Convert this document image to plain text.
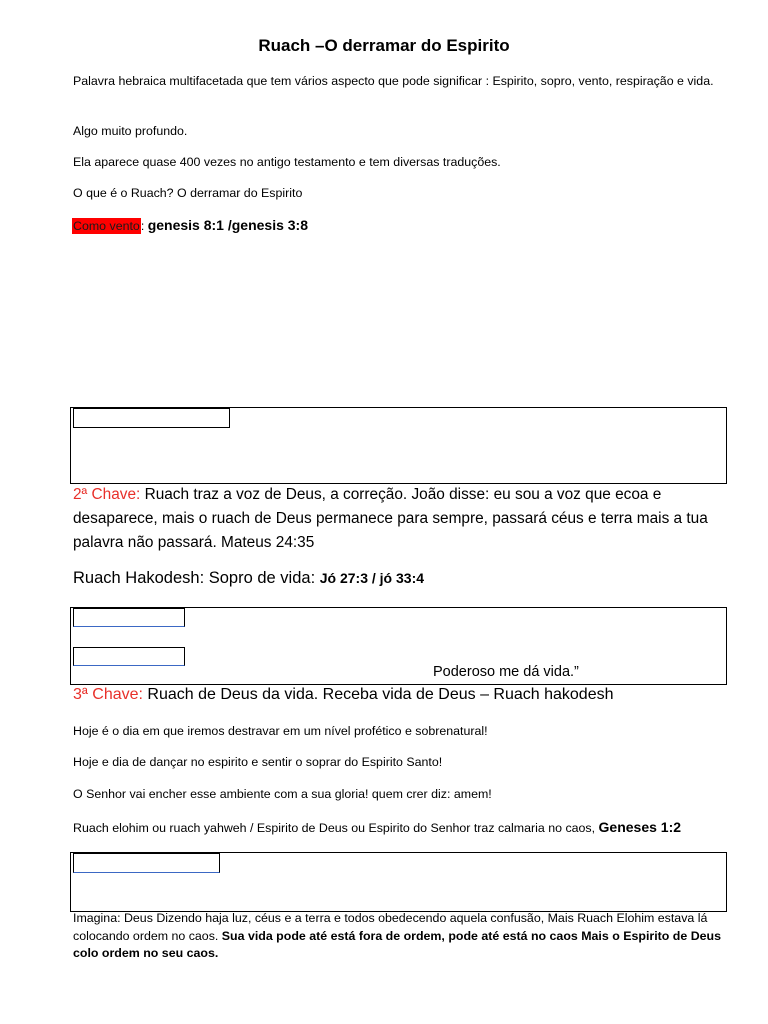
Ruach –O derramar do Espirito
Palavra hebraica multifacetada que tem vários aspecto que pode significar : Espirito, sopro, vento, respiração e vida.
Algo muito profundo.
Ela aparece quase 400 vezes no antigo testamento e tem diversas traduções.
O que é o Ruach? O derramar do Espirito
Como vento: genesis 8:1 /genesis 3:8
2ª Chave: Ruach traz a voz de Deus, a correção. João disse: eu sou a voz que ecoa e desaparece, mais o ruach de Deus permanece para sempre, passará céus e terra mais a tua palavra não passará. Mateus 24:35
Ruach Hakodesh: Sopro de vida: Jó 27:3 / jó 33:4
Poderoso me dá vida.”
3ª Chave: Ruach de Deus da vida. Receba vida de Deus – Ruach hakodesh
Hoje é o dia em que iremos destravar em um nível profético e sobrenatural!
Hoje e dia de dançar no espirito e sentir o soprar do Espirito Santo!
O Senhor vai encher esse ambiente com a sua gloria! quem crer diz: amem!
Ruach elohim ou ruach yahweh / Espirito de Deus ou Espirito do Senhor traz calmaria no caos, Geneses 1:2
Imagina: Deus Dizendo haja luz, céus e a terra e todos obedecendo aquela confusão, Mais Ruach Elohim estava lá colocando ordem no caos. Sua vida pode até está fora de ordem, pode até está no caos Mais o Espirito de Deus colo ordem no seu caos.
